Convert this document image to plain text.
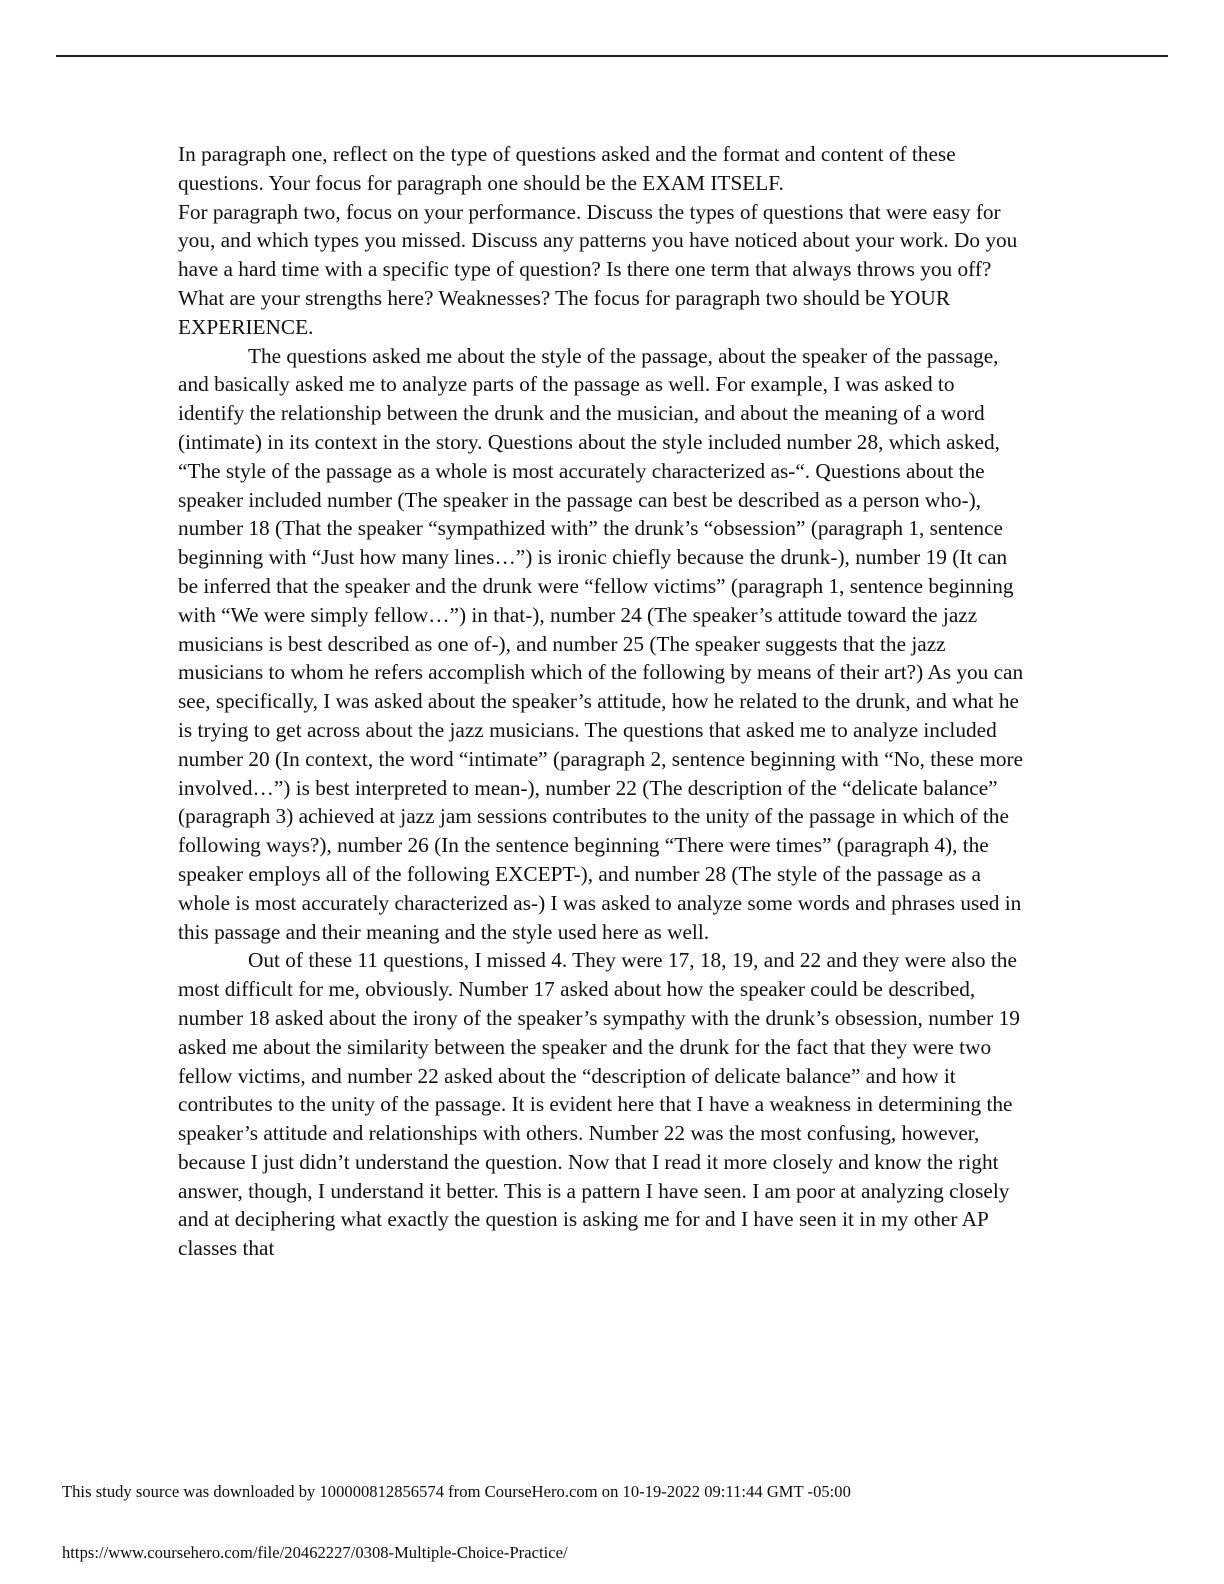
In paragraph one, reflect on the type of questions asked and the format and content of these questions. Your focus for paragraph one should be the EXAM ITSELF.

For paragraph two, focus on your performance. Discuss the types of questions that were easy for you, and which types you missed. Discuss any patterns you have noticed about your work. Do you have a hard time with a specific type of question? Is there one term that always throws you off? What are your strengths here? Weaknesses? The focus for paragraph two should be YOUR EXPERIENCE.

The questions asked me about the style of the passage, about the speaker of the passage, and basically asked me to analyze parts of the passage as well. For example, I was asked to identify the relationship between the drunk and the musician, and about the meaning of a word (intimate) in its context in the story. Questions about the style included number 28, which asked, “The style of the passage as a whole is most accurately characterized as-“. Questions about the speaker included number (The speaker in the passage can best be described as a person who-), number 18 (That the speaker “sympathized with” the drunk’s “obsession” (paragraph 1, sentence beginning with “Just how many lines…”) is ironic chiefly because the drunk-), number 19 (It can be inferred that the speaker and the drunk were “fellow victims” (paragraph 1, sentence beginning with “We were simply fellow…”) in that-), number 24 (The speaker’s attitude toward the jazz musicians is best described as one of-), and number 25 (The speaker suggests that the jazz musicians to whom he refers accomplish which of the following by means of their art?) As you can see, specifically, I was asked about the speaker’s attitude, how he related to the drunk, and what he is trying to get across about the jazz musicians. The questions that asked me to analyze included number 20 (In context, the word “intimate” (paragraph 2, sentence beginning with “No, these more involved…”) is best interpreted to mean-), number 22 (The description of the “delicate balance” (paragraph 3) achieved at jazz jam sessions contributes to the unity of the passage in which of the following ways?), number 26 (In the sentence beginning “There were times” (paragraph 4), the speaker employs all of the following EXCEPT-), and number 28 (The style of the passage as a whole is most accurately characterized as-) I was asked to analyze some words and phrases used in this passage and their meaning and the style used here as well.

Out of these 11 questions, I missed 4. They were 17, 18, 19, and 22 and they were also the most difficult for me, obviously. Number 17 asked about how the speaker could be described, number 18 asked about the irony of the speaker’s sympathy with the drunk’s obsession, number 19 asked me about the similarity between the speaker and the drunk for the fact that they were two fellow victims, and number 22 asked about the “description of delicate balance” and how it contributes to the unity of the passage. It is evident here that I have a weakness in determining the speaker’s attitude and relationships with others. Number 22 was the most confusing, however, because I just didn’t understand the question. Now that I read it more closely and know the right answer, though, I understand it better. This is a pattern I have seen. I am poor at analyzing closely and at deciphering what exactly the question is asking me for and I have seen it in my other AP classes that

This study source was downloaded by 100000812856574 from CourseHero.com on 10-19-2022 09:11:44 GMT -05:00
https://www.coursehero.com/file/20462227/0308-Multiple-Choice-Practice/
